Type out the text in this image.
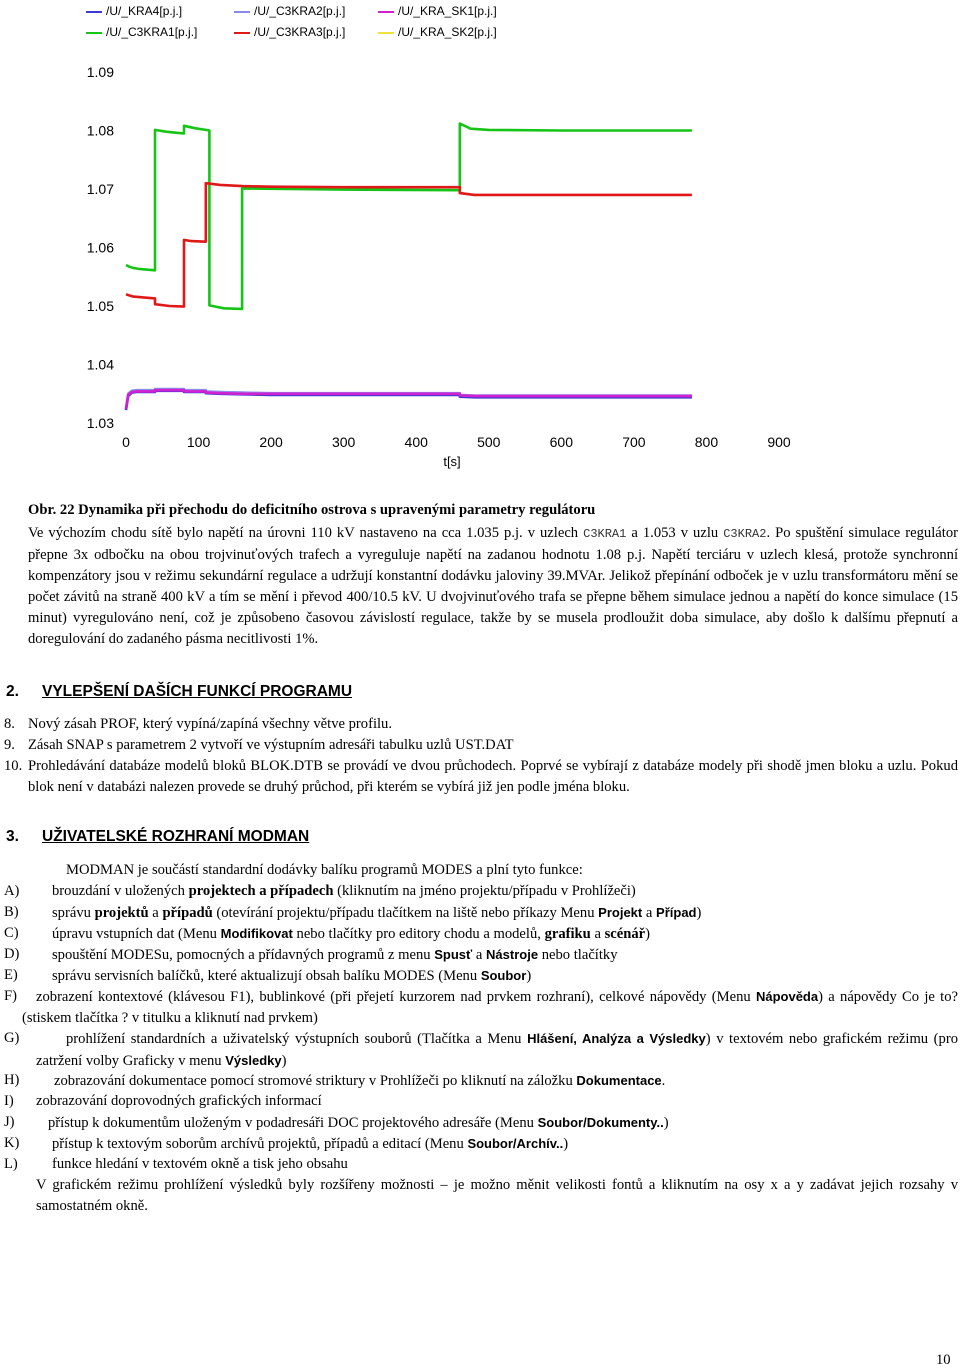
/U/_KRA4[p.j.]	/U/_C3KRA2[p.j.]	/U/_KRA_SK1[p.j.]
/U/_C3KRA1[p.j.]	/U/_C3KRA3[p.j.]	/U/_KRA_SK2[p.j.]
1.09
1.08
1.07
1.06
1.05
1.04
1.03
0	100	200	300	400	500	600	700	800	900
t[s]
Obr. 22 Dynamika při přechodu do deficitního ostrova s upravenými parametry regulátoru
Ve výchozím chodu sítě bylo napětí na úrovni 110 kV nastaveno na cca 1.035 p.j. v uzlech C3KRA1 a 1.053 v uzlu C3KRA2. Po spuštění simulace regulátor přepne 3x odbočku na obou trojvinuťových trafech a vyreguluje napětí na zadanou hodnotu 1.08 p.j. Napětí terciáru v uzlech klesá, protože synchronní kompenzátory jsou v režimu sekundární regulace a udržují konstantní dodávku jaloviny 39.MVAr. Jelikož přepínání odboček je v uzlu transformátoru mění se počet závitů na straně 400 kV a tím se mění i převod 400/10.5 kV. U dvojvinuťového trafa se přepne během simulace jednou a napětí do konce simulace (15 minut) vyregulováno není, což je způsobeno časovou závislostí regulace, takže by se musela prodloužit doba simulace, aby došlo k dalšímu přepnutí a doregulování do zadaného pásma necitlivosti 1%.
2. VYLEPŠENÍ DAŠÍCH FUNKCÍ PROGRAMU
8. Nový zásah PROF, který vypíná/zapíná všechny větve profilu.
9. Zásah SNAP s parametrem 2 vytvoří ve výstupním adresáři tabulku uzlů UST.DAT
10. Prohledávání databáze modelů bloků BLOK.DTB se provádí ve dvou průchodech. Poprvé se vybírají z databáze modely při shodě jmen bloku a uzlu. Pokud blok není v databázi nalezen provede se druhý průchod, při kterém se vybírá již jen podle jména bloku.
3. UŽIVATELSKÉ ROZHRANÍ MODMAN
MODMAN je součástí standardní dodávky balíku programů MODES a plní tyto funkce:
A) brouzdání v uložených projektech a případech (kliknutím na jméno projektu/případu v Prohlížeči)
B) správu projektů a případů (otevírání projektu/případu tlačítkem na liště nebo příkazy Menu Projekt a Případ)
C) úpravu vstupních dat (Menu Modifikovat nebo tlačítky pro editory chodu a modelů, grafiku a scénář)
D) spouštění MODESu, pomocných a přídavných programů z menu Spusť a Nástroje nebo tlačítky
E) správu servisních balíčků, které aktualizují obsah balíku MODES (Menu Soubor)
F)	zobrazení kontextové (klávesou F1), bublinkové (při přejetí kurzorem nad prvkem rozhraní), celkové nápovědy (Menu Nápověda) a nápovědy Co je to? (stiskem tlačítka ? v titulku a kliknutí nad prvkem)
G)	prohlížení standardních a uživatelský výstupních souborů (Tlačítka a Menu Hlášení, Analýza a Výsledky) v textovém nebo grafickém režimu (pro zatržení volby Graficky v menu Výsledky)
H) zobrazování dokumentace pomocí stromové striktury v Prohlížeči po kliknutí na záložku Dokumentace.
I) zobrazování doprovodných grafických informací
J) přístup k dokumentům uloženým v podadresáři DOC projektového adresáře (Menu Soubor/Dokumenty..)
K) přístup k textovým soborům archívů projektů, případů a editací (Menu Soubor/Archív..)
L) funkce hledání v textovém okně a tisk jeho obsahu
V grafickém režimu prohlížení výsledků byly rozšířeny možnosti – je možno měnit velikosti fontů a kliknutím na osy x a y zadávat jejich rozsahy v samostatném okně.
10
